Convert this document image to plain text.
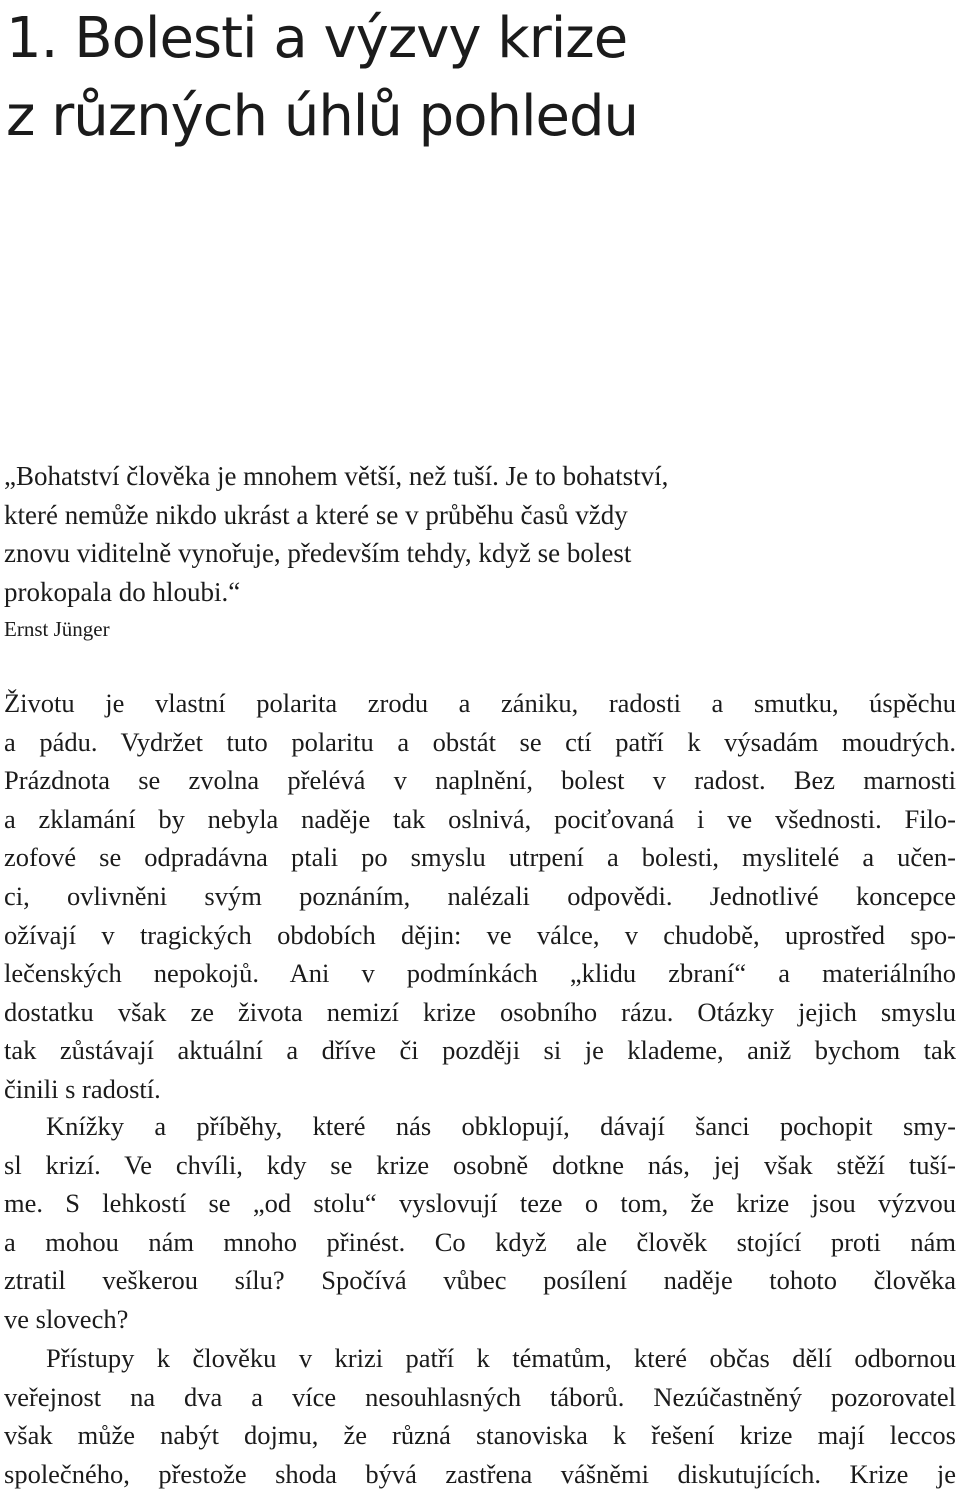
1. Bolesti a výzvy krize
z různých úhlů pohledu
„Bohatství člověka je mnohem větší, než tuší. Je to bohatství,
které nemůže nikdo ukrást a které se v průběhu časů vždy
znovu viditelně vynořuje, především tehdy, když se bolest
prokopala do hloubi.“
Ernst Jünger
Životu je vlastní polarita zrodu a zániku, radosti a smutku, úspěchu
a pádu. Vydržet tuto polaritu a obstát se ctí patří k výsadám moudrých.
Prázdnota se zvolna přelévá v naplnění, bolest v radost. Bez marnosti
a zklamání by nebyla naděje tak oslnivá, pociťovaná i ve všednosti. Filo-
zofové se odpradávna ptali po smyslu utrpení a bolesti, myslitelé a učen-
ci, ovlivněni svým poznáním, nalézali odpovědi. Jednotlivé koncepce
ožívají v tragických obdobích dějin: ve válce, v chudobě, uprostřed spo-
lečenských nepokojů. Ani v podmínkách „klidu zbraní“ a materiálního
dostatku však ze života nemizí krize osobního rázu. Otázky jejich smyslu
tak zůstávají aktuální a dříve či později si je klademe, aniž bychom tak
činili s radostí.
Knížky a příběhy, které nás obklopují, dávají šanci pochopit smy-
sl krizí. Ve chvíli, kdy se krize osobně dotkne nás, jej však stěží tuší-
me. S lehkostí se „od stolu“ vyslovují teze o tom, že krize jsou výzvou
a mohou nám mnoho přinést. Co když ale člověk stojící proti nám
ztratil veškerou sílu? Spočívá vůbec posílení naděje tohoto člověka
ve slovech?
Přístupy k člověku v krizi patří k tématům, které občas dělí odbornou
veřejnost na dva a více nesouhlasných táborů. Nezúčastněný pozorovatel
však může nabýt dojmu, že různá stanoviska k řešení krize mají leccos
společného, přestože shoda bývá zastřena vášněmi diskutujících. Krize je
